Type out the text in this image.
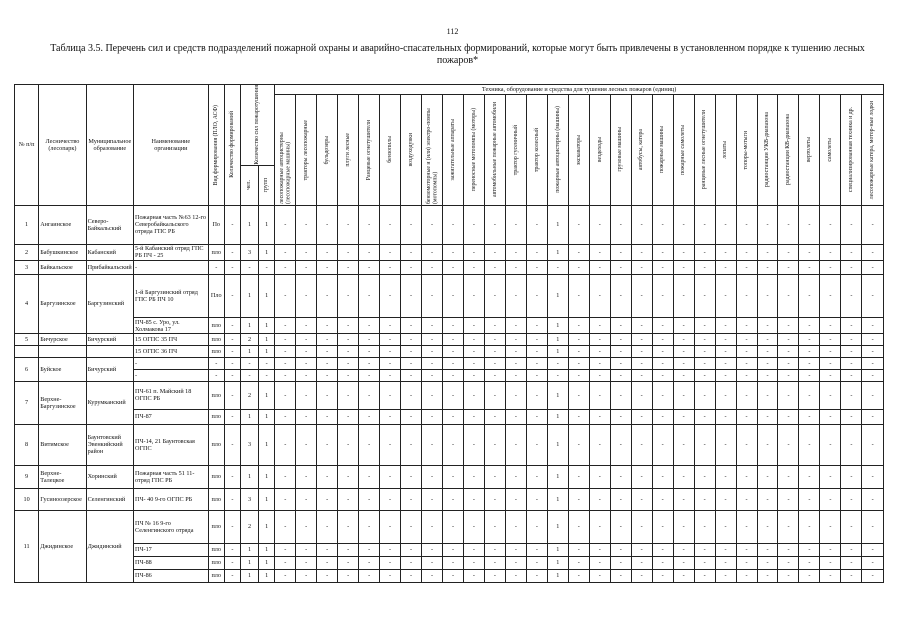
112
Таблица 3.5. Перечень сил и средств подразделений пожарной охраны и аварийно-спасательных формирований, которые могут быть привлечены в установленном порядке к тушению лесных пожаров*
№ п/п	Лесничество (лесопарк)	Муниципальное образование	Наименование организации	Вид формирования (ПЛО, АСФ)	Количество формирований	Количество сил пожаротушения		Техника, оборудование и средства для тушения лесных пожаров (единиц)																												

								лесопожарные автоцистерны (лесопожарные машины)	тракторы лесопожарные	бульдозеры	плуги лесные	Ранцевые огнетушители	бензопилы	воздуходувки	бензомоторные и (или) электро-помпы (мотопомпы)	зажигательные аппараты	переносные мотопомпы (моторы)	автомобильные пожарные автомобили	трактор гусеничный	трактор колесный	пожарные автоцистерны (машины)	экскаваторы	вездеходы	грузовые машины	автобусы, катера	пожарные машины	пожарные самолеты	ранцевые лесные огнетушители	лопаты	топоры-мотыги	радиостанции УКВ-диапазона	радиостанции КВ-диапазона	вертолеты	самолеты	специализированная техника и др.	лесопожарные катера, мотор-ные лодки

						чел.	групп																													

1	Ангаинское	Северо-Байкальский	Пожарная часть №63 12-го Северобайкальского отряда ГПС РБ	По	-	1	1	-	-	-	-	-	-	-	-	-	-	-	-	-	1	-	-	-	-	-	-	-	-	-	-	-	-	-	-	-
2	Бабушкинское	Кабанский	5-й Кабанский отряд ГПС РБ ПЧ - 25	пло	-	3	1	-	-	-	-	-	-	-	-	-	-	-	-	-	1	-	-	-	-	-	-	-	-	-	-	-	-	-	-	-
3	Байкальское	Прибайкальский	-	-	-	-	-	-	-	-	-	-	-	-	-	-	-	-	-	-	-	-	-	-	-	-	-	-	-	-	-	-	-	-	-	-
4	Баргузинское	Баргузинский	1-й Баргузинский отряд ГПС РБ ПЧ 10	Пло	-	1	1	-	-	-	-	-	-	-	-	-	-	-	-	-	1	-	-	-	-	-	-	-	-	-	-	-	-	-	-	-
			ПЧ-85 с. Уро, ул. Холмакова 17	пло	-	1	1	-	-	-	-	-	-	-	-	-	-	-	-	-	1	-	-	-	-	-	-	-	-	-	-	-	-	-	-	-
5	Бичурское	Бичурский	15 ОГПС 35 ПЧ	пло	-	2	1	-	-	-	-	-	-	-	-	-	-	-	-	-	1	-	-	-	-	-	-	-	-	-	-	-	-	-	-	-
			15 ОГПС 36 ПЧ	пло	-	1	1	-	-	-	-	-	-	-	-	-	-	-	-	-	1	-	-	-	-	-	-	-	-	-	-	-	-	-	-	-
6	Буйское	Бичурский	-	-	-	-	-	-	-	-	-	-	-	-	-	-	-	-	-	-	-	-	-	-	-	-	-	-	-	-	-	-	-	-	-	-
			-	-	-	-	-	-	-	-	-	-	-	-	-	-	-	-	-	-	-	-	-	-	-	-	-	-	-	-	-	-	-	-	-	-
7	Верхне-Баргузинское	Курумканский	ПЧ-61 п. Майский 18 ОГПС РБ	пло	-	2	1	-	-	-	-	-	-	-	-	-	-	-	-	-	1	-	-	-	-	-	-	-	-	-	-	-	-	-	-	-
			ПЧ-87	пло	-	1	1	-	-	-	-	-	-	-	-	-	-	-	-	-	1	-	-	-	-	-	-	-	-	-	-	-	-	-	-	-
8	Витимское	Баунтовский Эвенкийский район	ПЧ-14, 21 Баунтовская ОГПС	пло	-	3	1	-	-	-	-	-	-	-	-	-	-	-	-	-	1	-	-	-	-	-	-	-	-	-	-	-	-	-	-	-
9	Верхне-Талецкое	Хоринский	Пожарная часть 51 11-отряд ГПС РБ	пло	-	1	1	-	-	-	-	-	-	-	-	-	-	-	-	-	1	-	-	-	-	-	-	-	-	-	-	-	-	-	-	-
10	Гусиноозерское	Селенгинский	ПЧ- 40 9-го ОГПС РБ	пло	-	3	1	-	-	-	-	-	-	-	-	-	-	-	-	-	1	-	-	-	-	-	-	-	-	-	-	-	-	-	-	-
11	Джидинское	Джидинский	ПЧ № 16 9-го Селенгинского отряда	пло	-	2	1	-	-	-	-	-	-	-	-	-	-	-	-	-	1	-	-	-	-	-	-	-	-	-	-	-	-	-	-	-
			ПЧ-17	пло	-	1	1	-	-	-	-	-	-	-	-	-	-	-	-	-	1	-	-	-	-	-	-	-	-	-	-	-	-	-	-	-
			ПЧ-88	пло	-	1	1	-	-	-	-	-	-	-	-	-	-	-	-	-	1	-	-	-	-	-	-	-	-	-	-	-	-	-	-	-
			ПЧ-86	пло	-	1	1	-	-	-	-	-	-	-	-	-	-	-	-	-	1	-	-	-	-	-	-	-	-	-	-	-	-	-	-	-
